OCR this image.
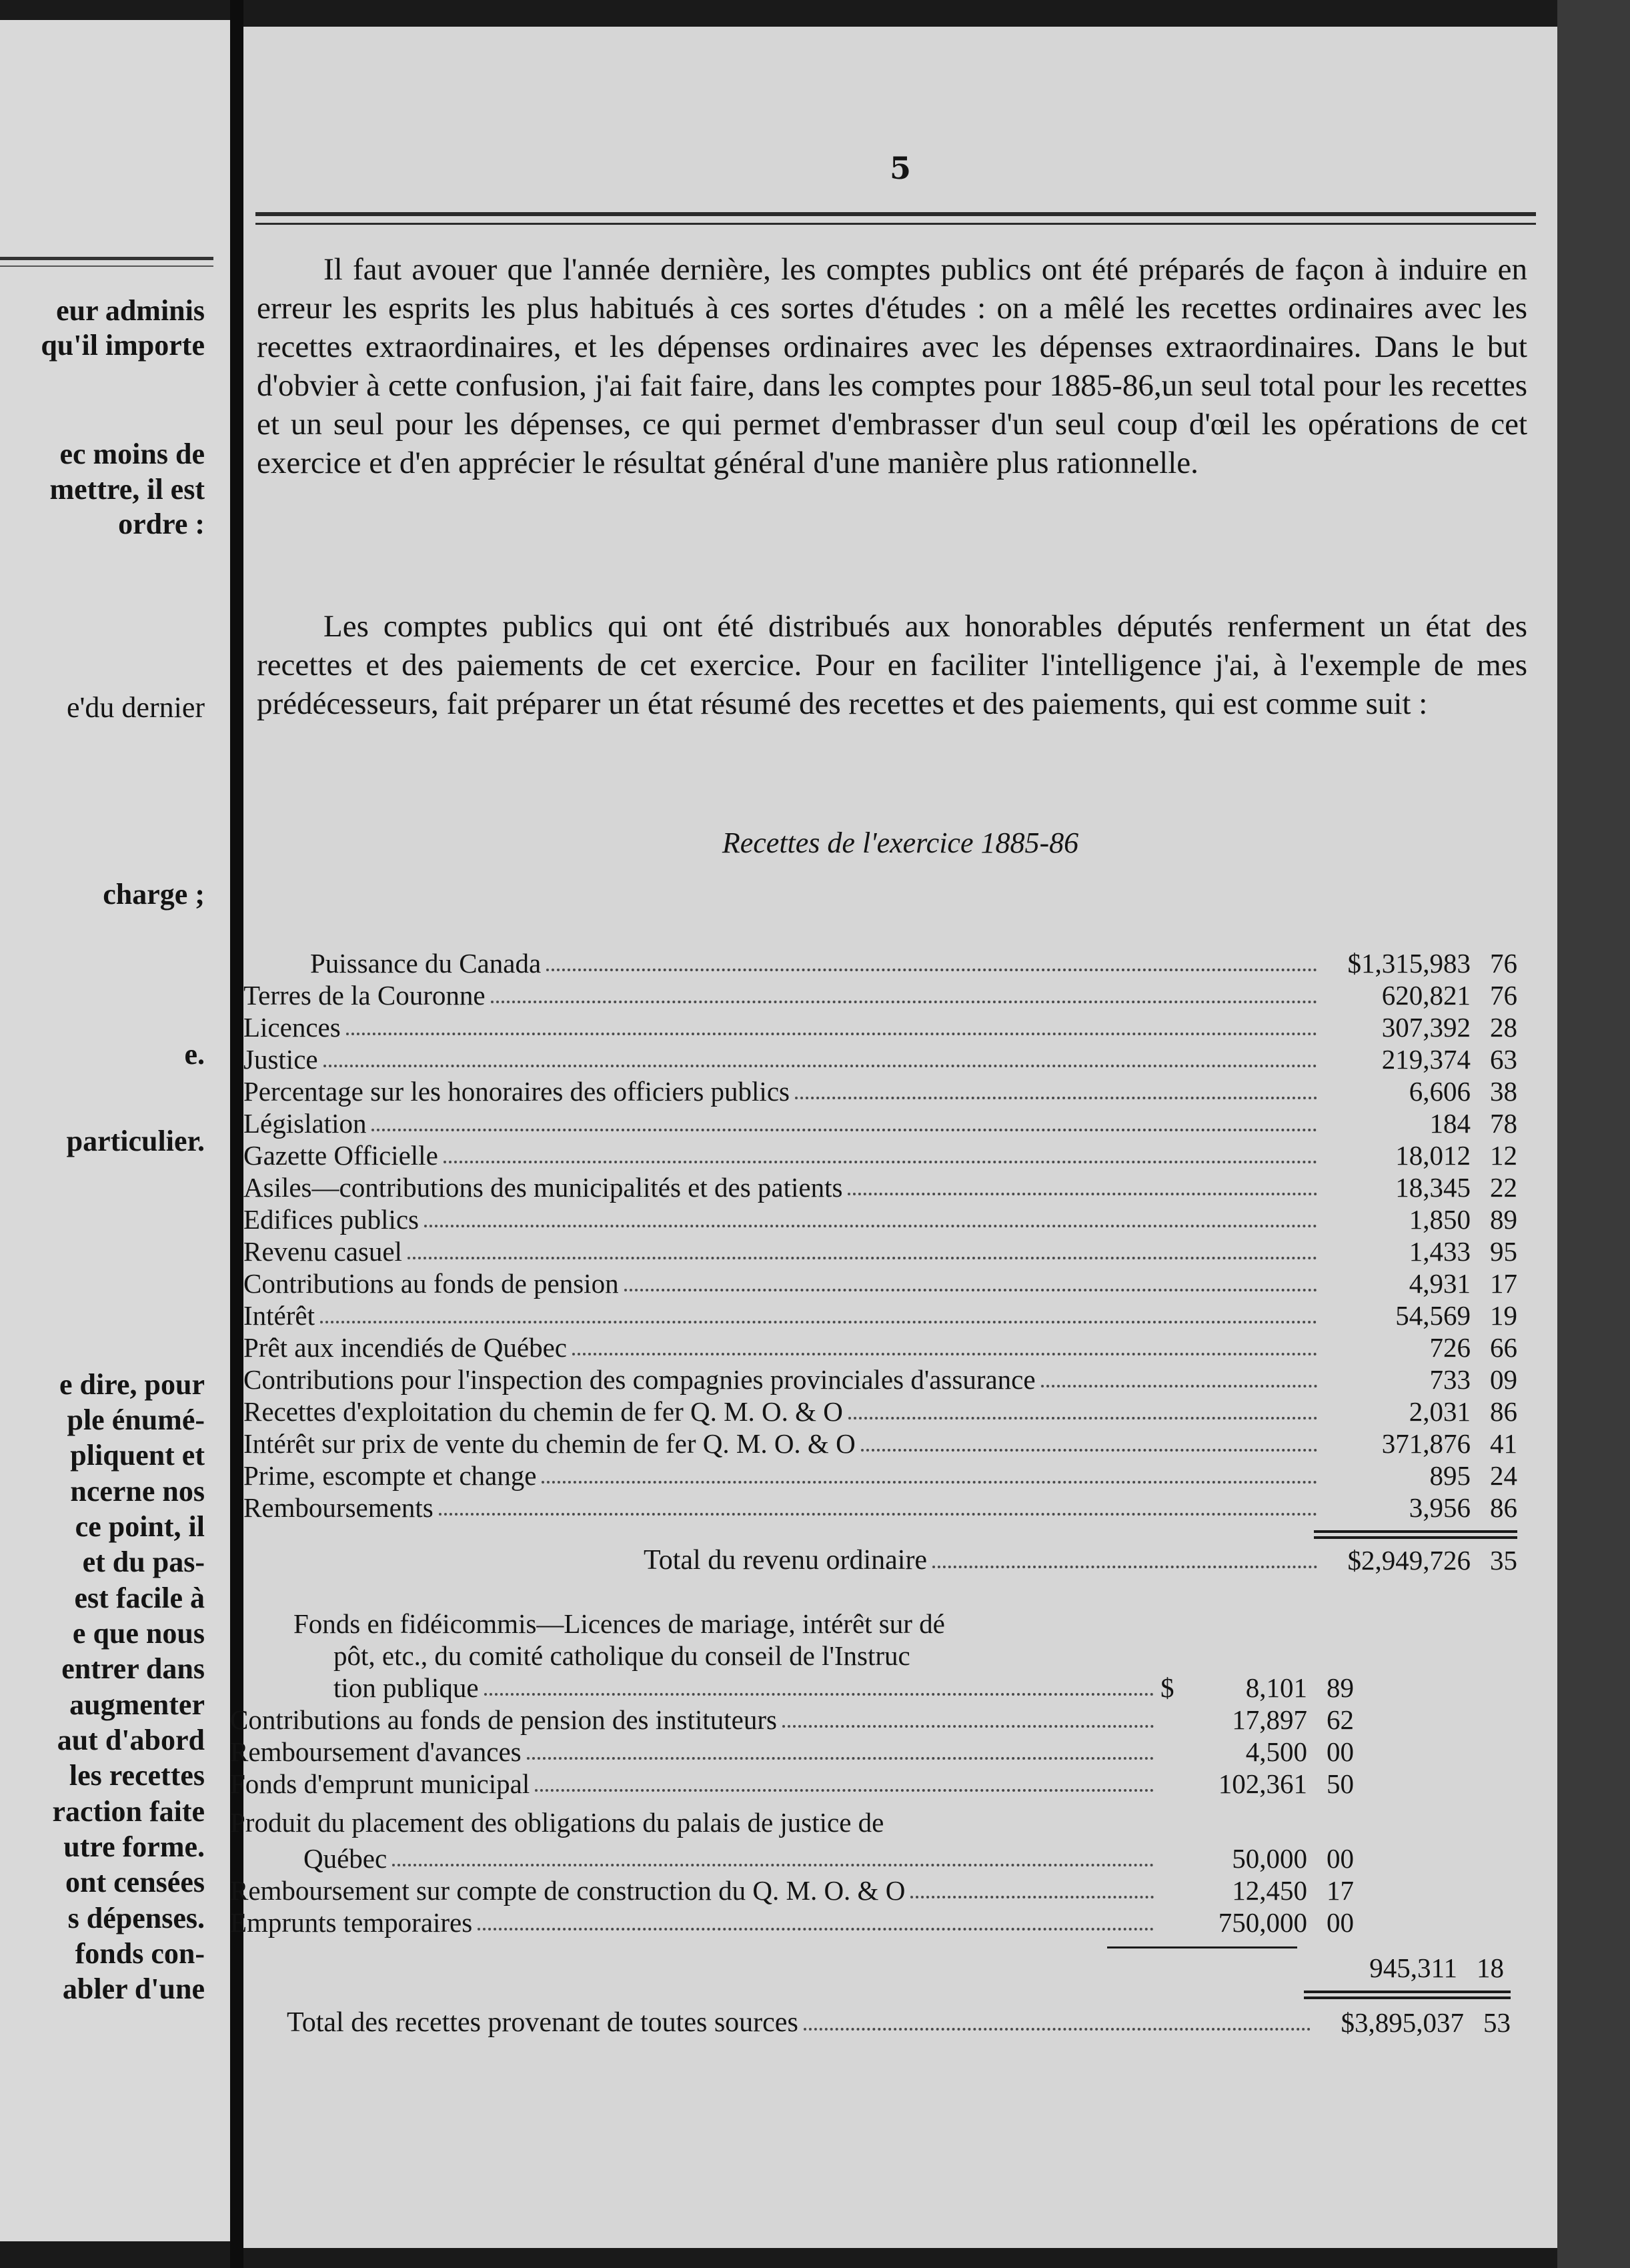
eur adminis
qu'il importe
ec moins de
mettre, il est
ordre :
e'du dernier
charge ;
e.
particulier.
e dire, pour
ple énumé-
pliquent et
ncerne nos
ce point, il
et du pas-
est facile à
e que nous
entrer dans
augmenter
aut d'abord
les recettes
raction faite
utre forme.
ont censées
s dépenses.
fonds con-
abler d'une
5

Il faut avouer que l'année dernière, les comptes publics ont été préparés de façon à induire en erreur les esprits les plus habitués à ces sortes d'études : on a mêlé les recettes ordinaires avec les recettes extraordinaires, et les dépenses ordinaires avec les dépenses extraordinaires. Dans le but d'obvier à cette confusion, j'ai fait faire, dans les comptes pour 1885-86,un seul total pour les recettes et un seul pour les dépenses, ce qui permet d'embrasser d'un seul coup d'œil les opérations de cet exercice et d'en apprécier le résultat général d'une manière plus rationnelle.

Les comptes publics qui ont été distribués aux honorables députés renferment un état des recettes et des paiements de cet exercice. Pour en faciliter l'intelligence j'ai, à l'exemple de mes prédécesseurs, fait préparer un état résumé des recettes et des paiements, qui est comme suit :

Recettes de l'exercice 1885-86
Puissance du Canada	$1,315,983 76
Terres de la Couronne	620,821 76
Licences	307,392 28
Justice	219,374 63
Percentage sur les honoraires des officiers publics	6,606 38
Législation	184 78
Gazette Officielle	18,012 12
Asiles—contributions des municipalités et des patients	18,345 22
Edifices publics	1,850 89
Revenu casuel	1,433 95
Contributions au fonds de pension	4,931 17
Intérêt	54,569 19
Prêt aux incendiés de Québec	726 66
Contributions pour l'inspection des compagnies provinciales d'assurance	733 09
Recettes d'exploitation du chemin de fer Q. M. O. & O	2,031 86
Intérêt sur prix de vente du chemin de fer Q. M. O. & O	371,876 41
Prime, escompte et change	895 24
Remboursements	3,956 86
Total du revenu ordinaire	$2,949,726 35
Fonds en fidéicommis—Licences de mariage, intérêt sur dé
pôt, etc., du comité catholique du conseil de l'Instruc
tion publique	$	8,101 89
Contributions au fonds de pension des instituteurs	17,897 62
Remboursement d'avances	4,500 00
Fonds d'emprunt municipal	102,361 50
Produit du placement des obligations du palais de justice de
Québec	50,000 00
Remboursement sur compte de construction du Q. M. O. & O	12,450 17
Emprunts temporaires	750,000 00
945,311 18
Total des recettes provenant de toutes sources	$3,895,037 53
